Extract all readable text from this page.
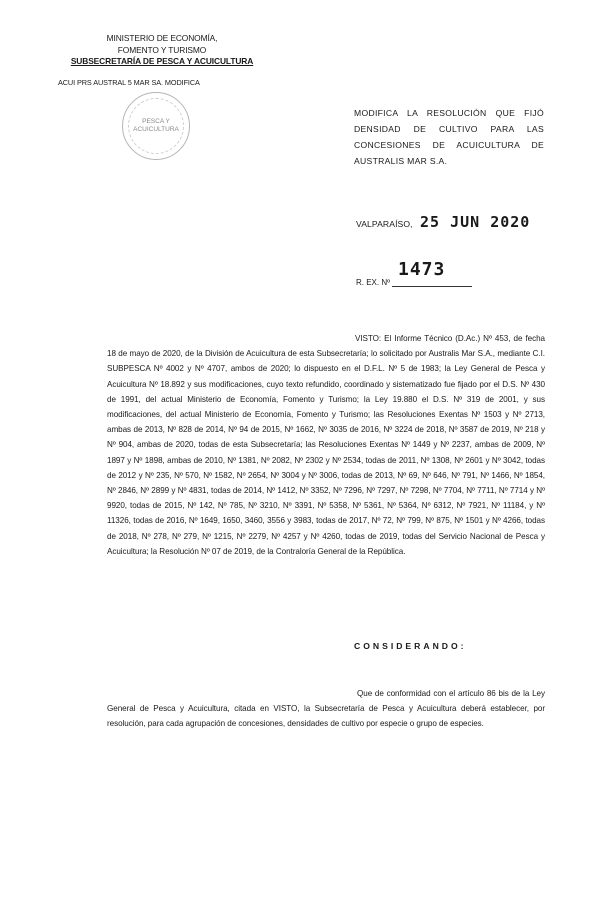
MINISTERIO DE ECONOMÍA,
FOMENTO Y TURISMO
SUBSECRETARÍA DE PESCA Y ACUICULTURA
ACUI PRS AUSTRAL 5 MAR SA. MODIFICA
PESCA Y ACUICULTURA
MODIFICA LA RESOLUCIÓN QUE FIJÓ DENSIDAD DE CULTIVO PARA LAS CONCESIONES DE ACUICULTURA DE AUSTRALIS MAR S.A.
VALPARAÍSO, 25 JUN 2020
R. EX. Nº
1473
VISTO: El Informe Técnico (D.Ac.) Nº 453, de fecha 18 de mayo de 2020, de la División de Acuicultura de esta Subsecretaría; lo solicitado por Australis Mar S.A., mediante C.I. SUBPESCA Nº 4002 y Nº 4707, ambos de 2020; lo dispuesto en el D.F.L. Nº 5 de 1983; la Ley General de Pesca y Acuicultura Nº 18.892 y sus modificaciones, cuyo texto refundido, coordinado y sistematizado fue fijado por el D.S. Nº 430 de 1991, del actual Ministerio de Economía, Fomento y Turismo; la Ley 19.880 el D.S. Nº 319 de 2001, y sus modificaciones, del actual Ministerio de Economía, Fomento y Turismo; las Resoluciones Exentas Nº 1503 y Nº 2713, ambas de 2013, Nº 828 de 2014, Nº 94 de 2015, Nº 1662, Nº 3035 de 2016, Nº 3224 de 2018, Nº 3587 de 2019, Nº 218 y Nº 904, ambas de 2020, todas de esta Subsecretaría; las Resoluciones Exentas Nº 1449 y Nº 2237, ambas de 2009, Nº 1897 y Nº 1898, ambas de 2010, Nº 1381, Nº 2082, Nº 2302 y Nº 2534, todas de 2011, Nº 1308, Nº 2601 y Nº 3042, todas de 2012 y Nº 235, Nº 570, Nº 1582, Nº 2654, Nº 3004 y Nº 3006, todas de 2013, Nº 69, Nº 646, Nº 791, Nº 1466, Nº 1854, Nº 2846, Nº 2899 y Nº 4831, todas de 2014, Nº 1412, Nº 3352, Nº 7296, Nº 7297, Nº 7298, Nº 7704, Nº 7711, Nº 7714 y Nº 9920, todas de 2015, Nº 142, Nº 785, Nº 3210, Nº 3391, Nº 5358, Nº 5361, Nº 5364, Nº 6312, Nº 7921, Nº 11184, y Nº 11326, todas de 2016, Nº 1649, 1650, 3460, 3556 y 3983, todas de 2017, Nº 72, Nº 799, Nº 875, Nº 1501 y Nº 4266, todas de 2018, Nº 278, Nº 279, Nº 1215, Nº 2279, Nº 4257 y Nº 4260, todas de 2019, todas del Servicio Nacional de Pesca y Acuicultura; la Resolución Nº 07 de 2019, de la Contraloría General de la República.
CONSIDERANDO:
Que de conformidad con el artículo 86 bis de la Ley General de Pesca y Acuicultura, citada en VISTO, la Subsecretaría de Pesca y Acuicultura deberá establecer, por resolución, para cada agrupación de concesiones, densidades de cultivo por especie o grupo de especies.
